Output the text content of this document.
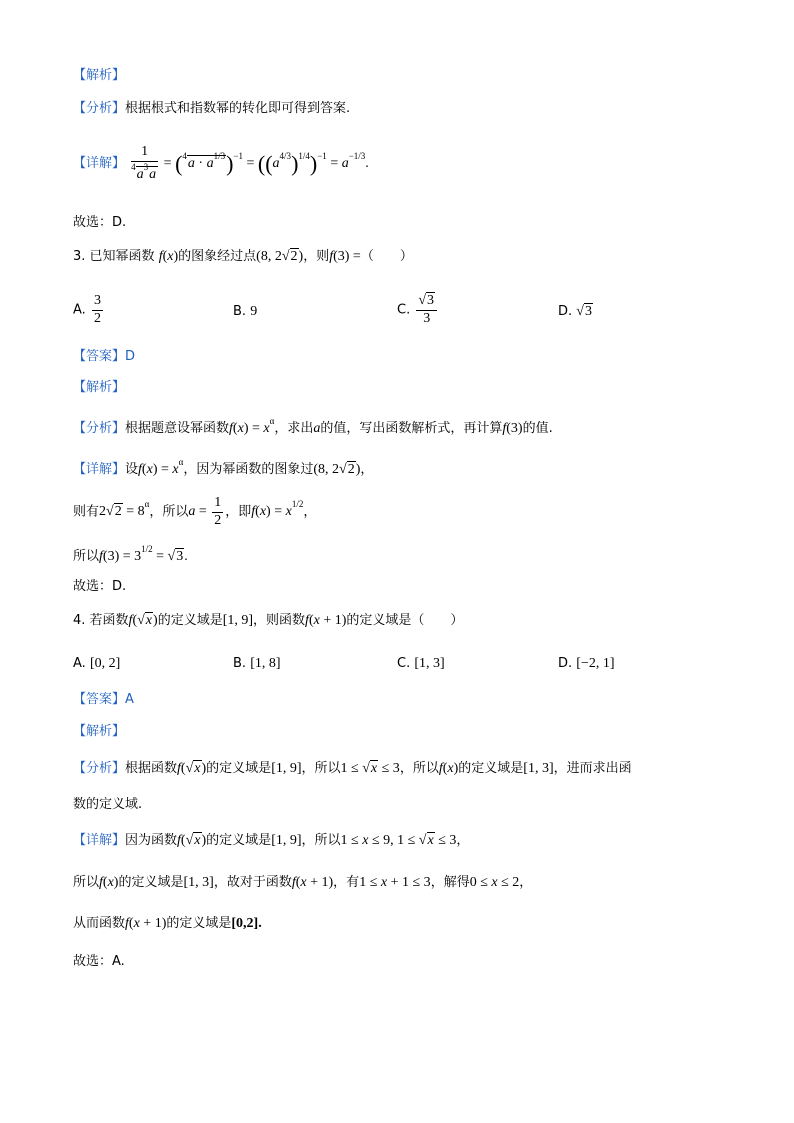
【解析】
【分析】根据根式和指数幂的转化即可得到答案.
【详解】 $\frac{1}{^4a^3a} = (^4a \cdot a^{1/3})^{-1} = ((a^{4/3})^{1/4})^{-1} = a^{-1/3}$.
故选：D.
3. 已知幂函数 f(x)的图象经过点(8, 2√2)，则f(3) =（　　）
A. $\frac{3}{2}$	B. 9	C. $\frac{√3}{3}$	D. √3
【答案】D
【解析】
【分析】根据题意设幂函数$f(x) = x^\alpha$，求出a的值，写出函数解析式，再计算f(3)的值.
【详解】设$f(x) = x^\alpha$，因为幂函数的图象过(8, 2√2)，
则有$2√2 = 8^\alpha$，所以$a = \frac{1}{2}$ ，即$f(x) = x^{1/2}$，
所以$f(3) = 3^{1/2} = √3$.
故选：D.
4. 若函数f(√x)的定义域是[1, 9]，则函数f(x + 1)的定义域是（　　）
A. [0, 2]	B. [1, 8]	C. [1, 3]	D. [−2, 1]
【答案】A
【解析】
【分析】根据函数f(√x)的定义域是[1, 9]，所以1 ≤ √x ≤ 3，所以f(x)的定义域是[1, 3]，进而求出函
数的定义域.
【详解】因为函数f(√x)的定义域是[1, 9]，所以1 ≤ x ≤ 9, 1 ≤ √x ≤ 3，
所以f(x)的定义域是[1, 3]，故对于函数f(x + 1)，有1 ≤ x + 1 ≤ 3，解得0 ≤ x ≤ 2，
从而函数f(x + 1)的定义域是[0,2].
故选：A.
